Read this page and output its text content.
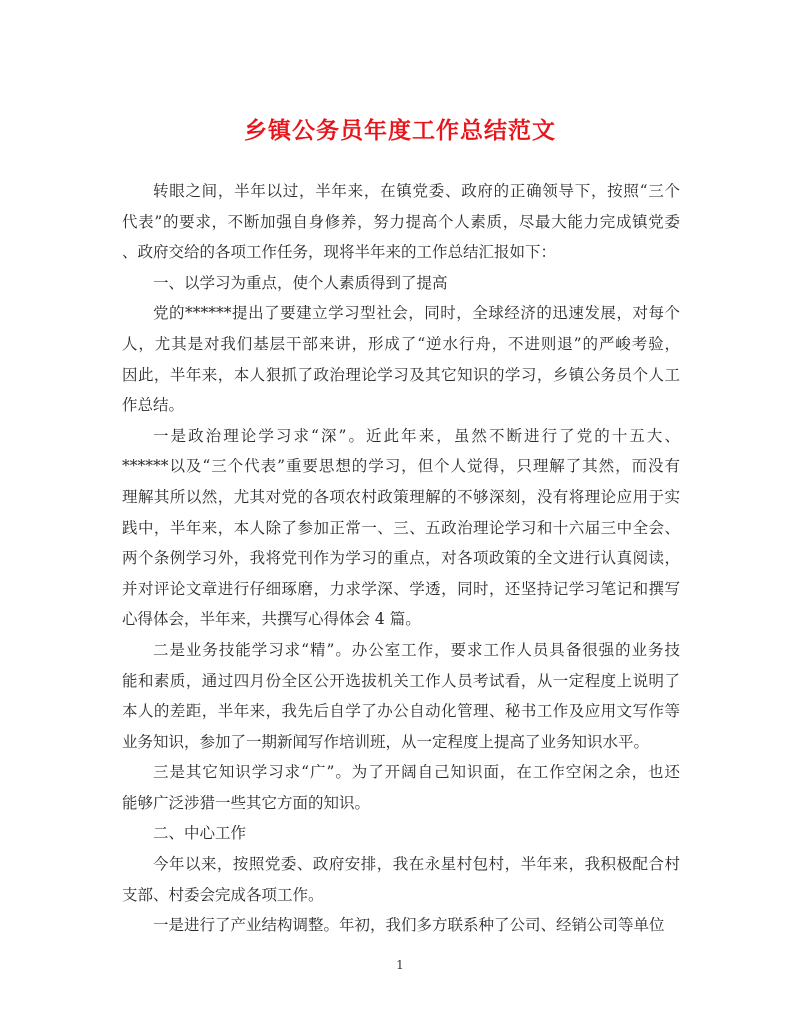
乡镇公务员年度工作总结范文
转眼之间，半年以过，半年来，在镇党委、政府的正确领导下，按照“三个
代表”的要求，不断加强自身修养，努力提高个人素质，尽最大能力完成镇党委
、政府交给的各项工作任务，现将半年来的工作总结汇报如下：
一、以学习为重点，使个人素质得到了提高
党的******提出了要建立学习型社会，同时，全球经济的迅速发展，对每个
人，尤其是对我们基层干部来讲，形成了“逆水行舟，不进则退”的严峻考验，
因此，半年来，本人狠抓了政治理论学习及其它知识的学习，乡镇公务员个人工
作总结。
一是政治理论学习求“深”。近此年来，虽然不断进行了党的十五大、
******以及“三个代表”重要思想的学习，但个人觉得，只理解了其然，而没有
理解其所以然，尤其对党的各项农村政策理解的不够深刻，没有将理论应用于实
践中，半年来，本人除了参加正常一、三、五政治理论学习和十六届三中全会、
两个条例学习外，我将党刊作为学习的重点，对各项政策的全文进行认真阅读，
并对评论文章进行仔细琢磨，力求学深、学透，同时，还坚持记学习笔记和撰写
心得体会，半年来，共撰写心得体会 4 篇。
二是业务技能学习求“精”。办公室工作，要求工作人员具备很强的业务技
能和素质，通过四月份全区公开选拔机关工作人员考试看，从一定程度上说明了
本人的差距，半年来，我先后自学了办公自动化管理、秘书工作及应用文写作等
业务知识，参加了一期新闻写作培训班，从一定程度上提高了业务知识水平。
三是其它知识学习求“广”。为了开阔自己知识面，在工作空闲之余，也还
能够广泛涉猎一些其它方面的知识。
二、中心工作
今年以来，按照党委、政府安排，我在永星村包村，半年来，我积极配合村
支部、村委会完成各项工作。
一是进行了产业结构调整。年初，我们多方联系种了公司、经销公司等单位
1
